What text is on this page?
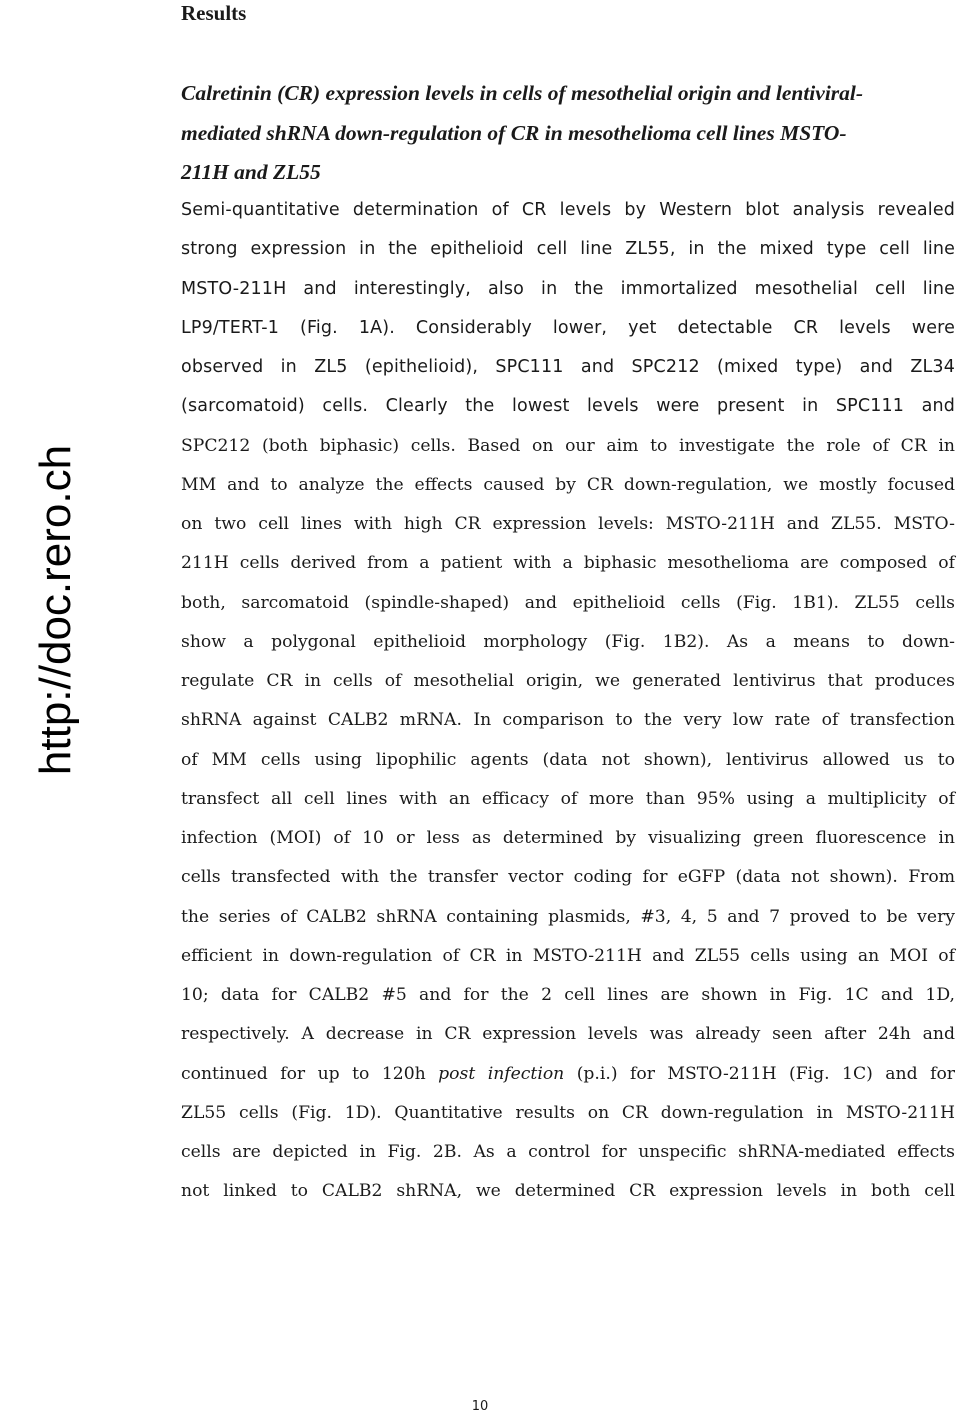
Results
Calretinin (CR) expression levels in cells of mesothelial origin and lentiviral-
mediated shRNA down-regulation of CR in mesothelioma cell lines MSTO-
211H and ZL55
Semi-quantitative determination of CR levels by Western blot analysis revealed
strong expression in the epithelioid cell line ZL55, in the mixed type cell line
MSTO-211H and interestingly, also in the immortalized mesothelial cell line
LP9/TERT-1 (Fig. 1A). Considerably lower, yet detectable CR levels were
observed in ZL5 (epithelioid), SPC111 and SPC212 (mixed type) and ZL34
(sarcomatoid) cells. Clearly the lowest levels were present in SPC111 and
SPC212 (both biphasic) cells. Based on our aim to investigate the role of CR in
MM and to analyze the effects caused by CR down-regulation, we mostly focused
on two cell lines with high CR expression levels: MSTO-211H and ZL55. MSTO-
211H cells derived from a patient with a biphasic mesothelioma are composed of
both, sarcomatoid (spindle-shaped) and epithelioid cells (Fig. 1B1). ZL55 cells
show a polygonal epithelioid morphology (Fig. 1B2). As a means to down-
regulate CR in cells of mesothelial origin, we generated lentivirus that produces
shRNA against CALB2 mRNA. In comparison to the very low rate of transfection
of MM cells using lipophilic agents (data not shown), lentivirus allowed us to
transfect all cell lines with an efficacy of more than 95% using a multiplicity of
infection (MOI) of 10 or less as determined by visualizing green fluorescence in
cells transfected with the transfer vector coding for eGFP (data not shown). From
the series of CALB2 shRNA containing plasmids, #3, 4, 5 and 7 proved to be very
efficient in down-regulation of CR in MSTO-211H and ZL55 cells using an MOI of
10; data for CALB2 #5 and for the 2 cell lines are shown in Fig. 1C and 1D,
respectively. A decrease in CR expression levels was already seen after 24h and
continued for up to 120h post infection (p.i.) for MSTO-211H (Fig. 1C) and for
ZL55 cells (Fig. 1D). Quantitative results on CR down-regulation in MSTO-211H
cells are depicted in Fig. 2B. As a control for unspecific shRNA-mediated effects
not linked to CALB2 shRNA, we determined CR expression levels in both cell
http://doc.rero.ch
10
